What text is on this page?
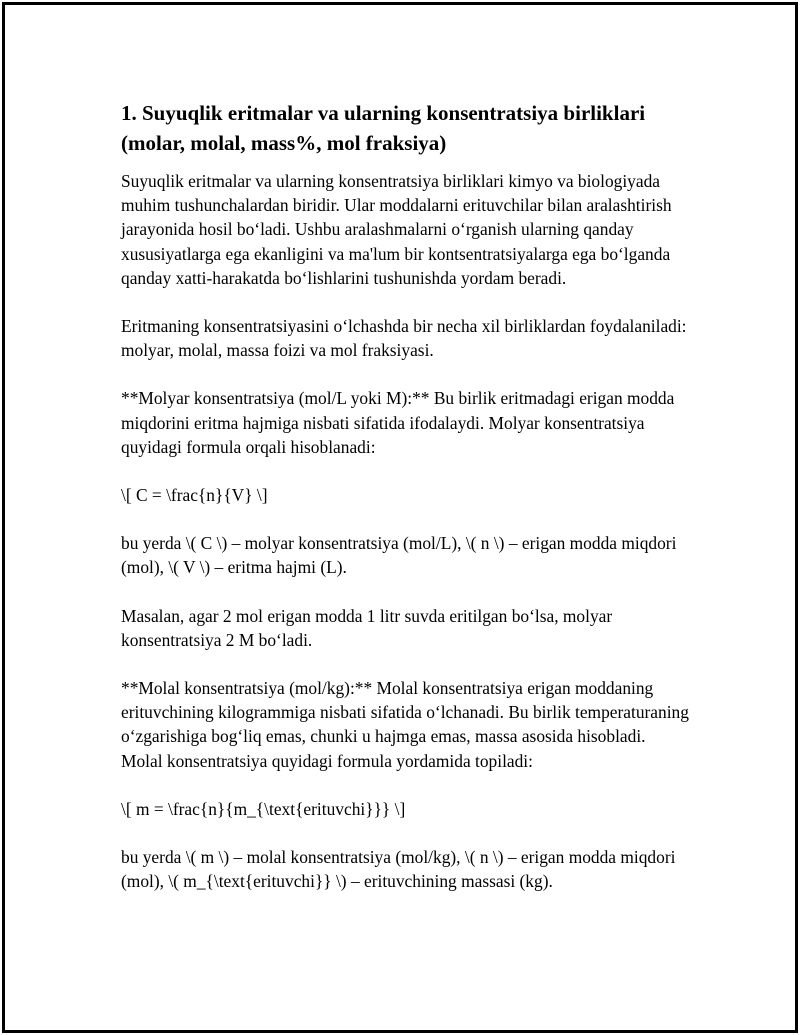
1. Suyuqlik eritmalar va ularning konsentratsiya birliklari (molar, molal, mass%, mol fraksiya)

Suyuqlik eritmalar va ularning konsentratsiya birliklari kimyo va biologiyada muhim tushunchalardan biridir. Ular moddalarni erituvchilar bilan aralashtirish jarayonida hosil bo‘ladi. Ushbu aralashmalarni o‘rganish ularning qanday xususiyatlarga ega ekanligini va ma'lum bir kontsentratsiyalarga ega bo‘lganda qanday xatti-harakatda bo‘lishlarini tushunishda yordam beradi.

Eritmaning konsentratsiyasini o‘lchashda bir necha xil birliklardan foydalaniladi: molyar, molal, massa foizi va mol fraksiyasi.

**Molyar konsentratsiya (mol/L yoki M):** Bu birlik eritmadagi erigan modda miqdorini eritma hajmiga nisbati sifatida ifodalaydi. Molyar konsentratsiya quyidagi formula orqali hisoblanadi:

\[ C = \frac{n}{V} \]

bu yerda \( C \) – molyar konsentratsiya (mol/L), \( n \) – erigan modda miqdori (mol), \( V \) – eritma hajmi (L).

Masalan, agar 2 mol erigan modda 1 litr suvda eritilgan bo‘lsa, molyar konsentratsiya 2 M bo‘ladi.

**Molal konsentratsiya (mol/kg):** Molal konsentratsiya erigan moddaning erituvchining kilogrammiga nisbati sifatida o‘lchanadi. Bu birlik temperaturaning o‘zgarishiga bog‘liq emas, chunki u hajmga emas, massa asosida hisobladi. Molal konsentratsiya quyidagi formula yordamida topiladi:

\[ m = \frac{n}{m_{\text{erituvchi}}} \]

bu yerda \( m \) – molal konsentratsiya (mol/kg), \( n \) – erigan modda miqdori (mol), \( m_{\text{erituvchi}} \) – erituvchining massasi (kg).
